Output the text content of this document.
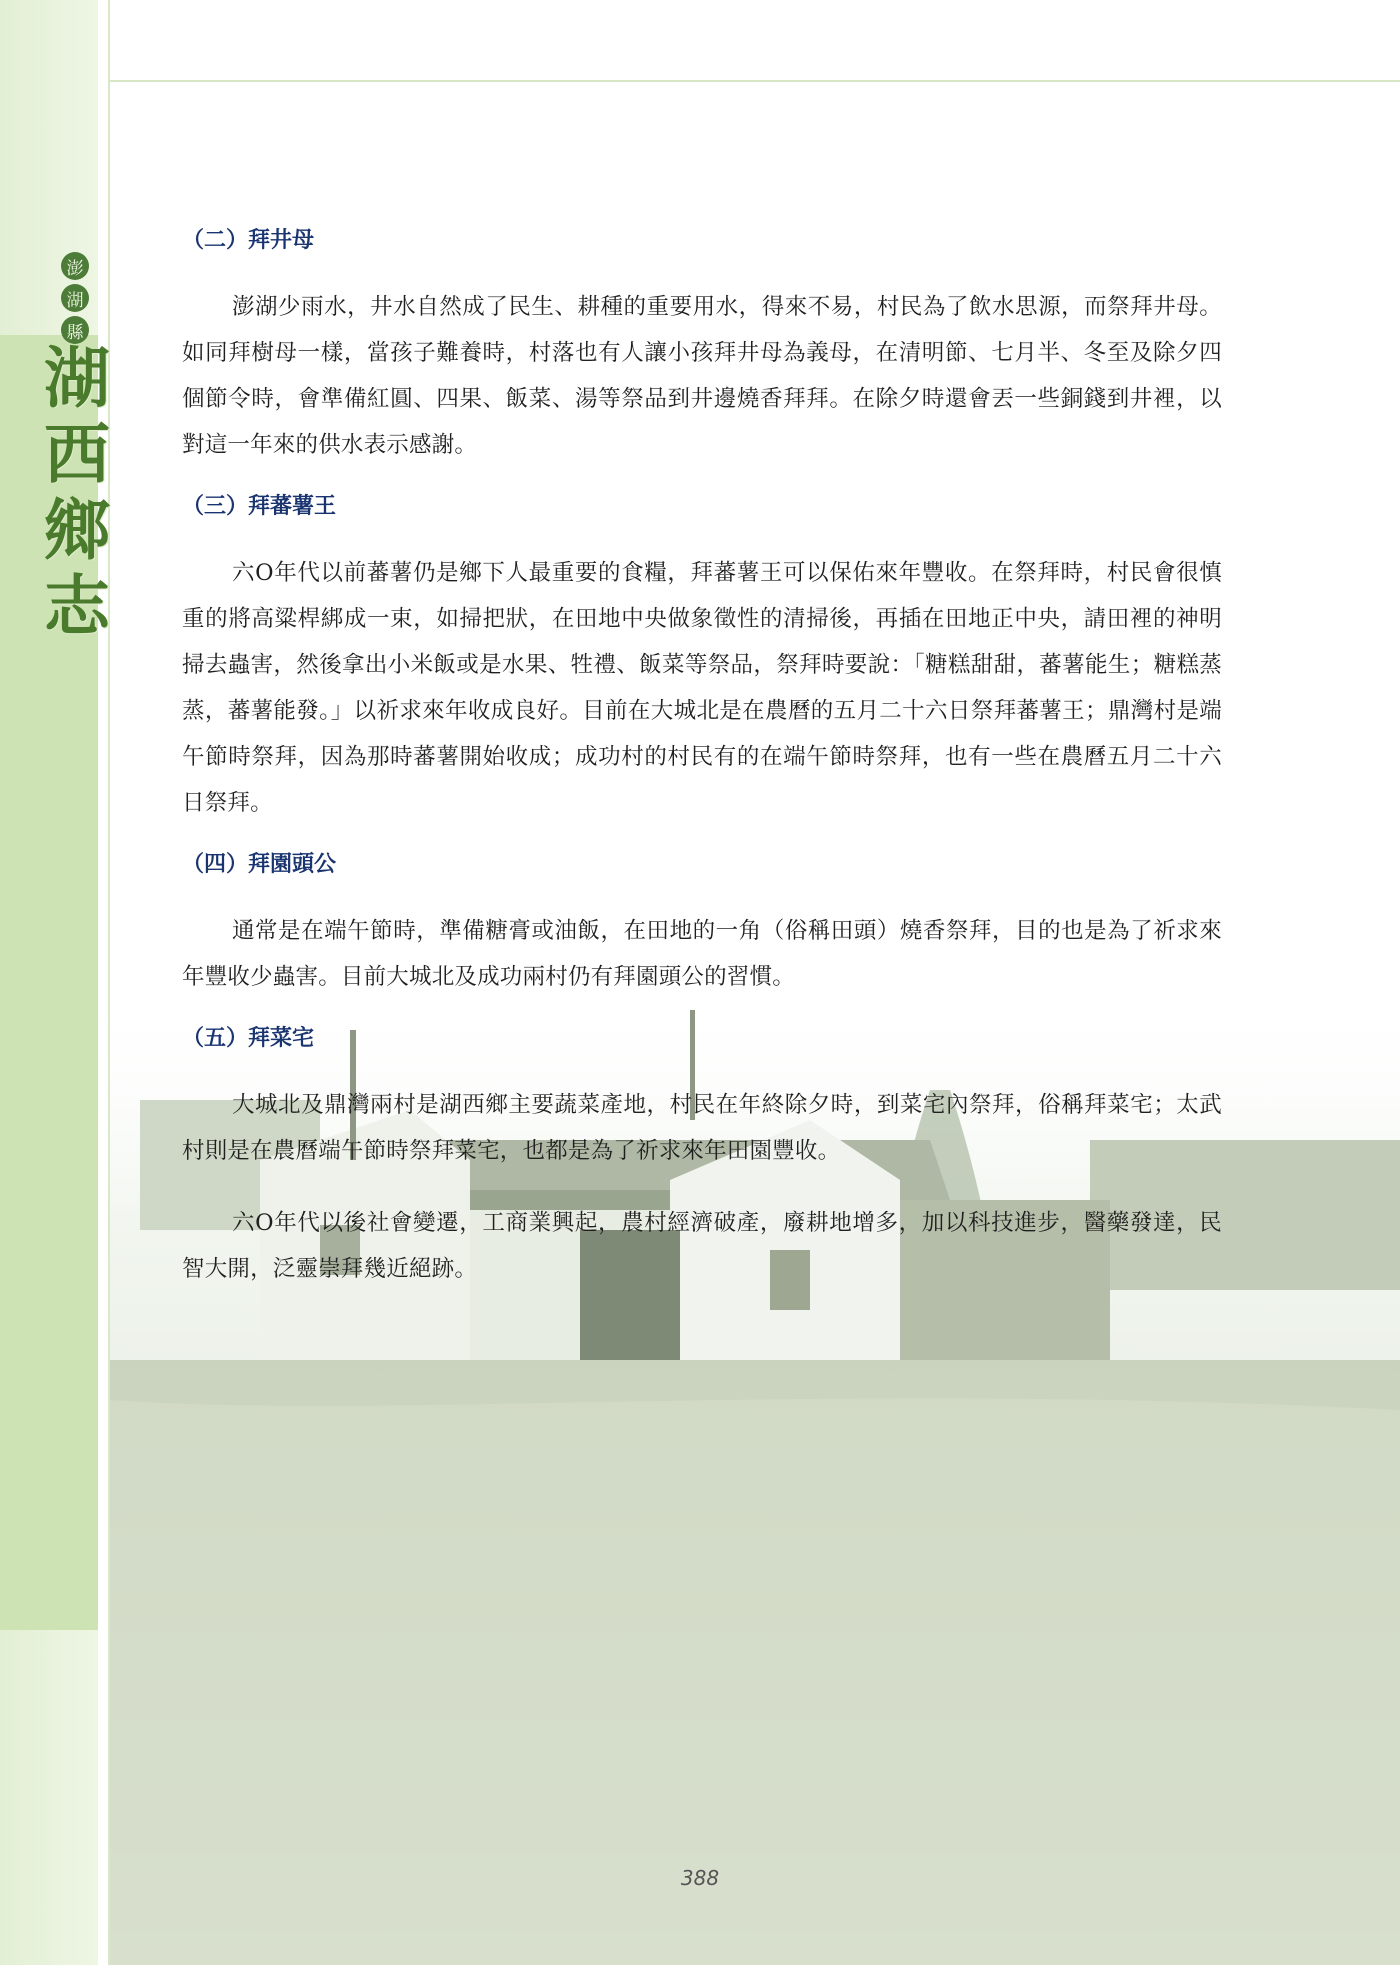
澎
湖
縣
湖
西
鄉
志
（二）拜井母

澎湖少雨水，井水自然成了民生、耕種的重要用水，得來不易，村民為了飲水思源，而祭拜井母。如同拜樹母一樣，當孩子難養時，村落也有人讓小孩拜井母為義母，在清明節、七月半、冬至及除夕四個節令時，會準備紅圓、四果、飯菜、湯等祭品到井邊燒香拜拜。在除夕時還會丟一些銅錢到井裡，以對這一年來的供水表示感謝。

（三）拜蕃薯王

六O年代以前蕃薯仍是鄉下人最重要的食糧，拜蕃薯王可以保佑來年豐收。在祭拜時，村民會很慎重的將高粱桿綁成一束，如掃把狀，在田地中央做象徵性的清掃後，再插在田地正中央，請田裡的神明掃去蟲害，然後拿出小米飯或是水果、牲禮、飯菜等祭品，祭拜時要說：「糖糕甜甜，蕃薯能生；糖糕蒸蒸，蕃薯能發。」以祈求來年收成良好。目前在大城北是在農曆的五月二十六日祭拜蕃薯王；鼎灣村是端午節時祭拜，因為那時蕃薯開始收成；成功村的村民有的在端午節時祭拜，也有一些在農曆五月二十六日祭拜。

（四）拜園頭公

通常是在端午節時，準備糖膏或油飯，在田地的一角（俗稱田頭）燒香祭拜，目的也是為了祈求來年豐收少蟲害。目前大城北及成功兩村仍有拜園頭公的習慣。

（五）拜菜宅

大城北及鼎灣兩村是湖西鄉主要蔬菜產地，村民在年終除夕時，到菜宅內祭拜，俗稱拜菜宅；太武村則是在農曆端午節時祭拜菜宅，也都是為了祈求來年田園豐收。

六O年代以後社會變遷，工商業興起，農村經濟破產，廢耕地增多，加以科技進步，醫藥發達，民智大開，泛靈崇拜幾近絕跡。

388
